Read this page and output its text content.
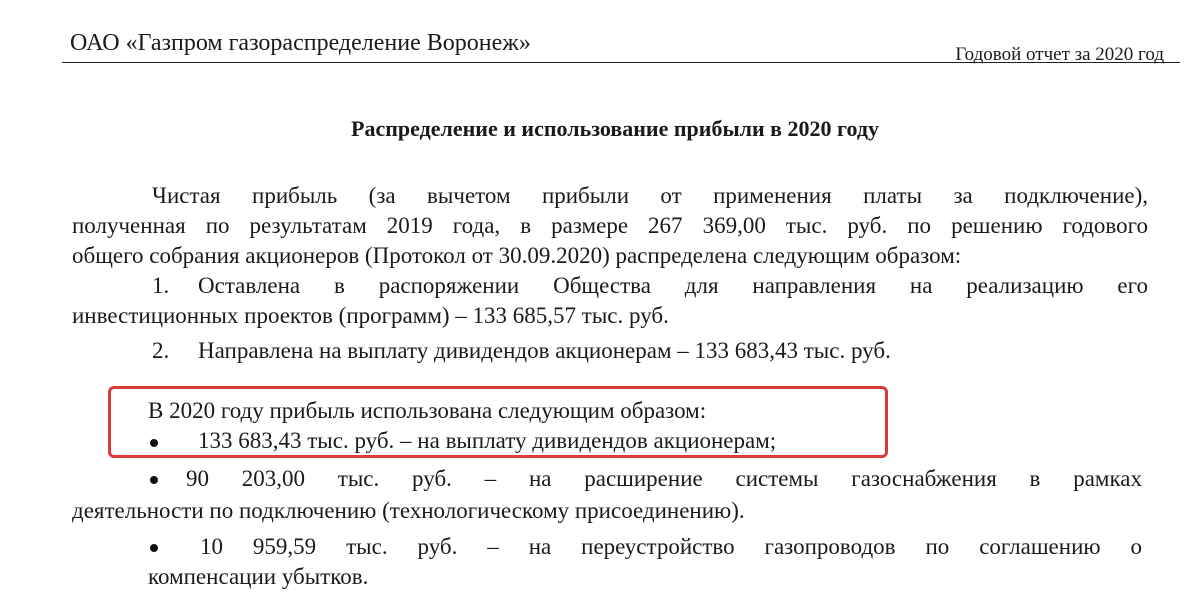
ОАО «Газпром газораспределение Воронеж»	Годовой отчет за 2020 год
Распределение и использование прибыли в 2020 году
Чистая прибыль (за вычетом прибыли от применения платы за подключение),
полученная по результатам 2019 года, в размере 267 369,00 тыс. руб. по решению годового
общего собрания акционеров (Протокол от 30.09.2020) распределена следующим образом:
1. Оставлена в распоряжении Общества для направления на реализацию его
инвестиционных проектов (программ) – 133 685,57 тыс. руб.
2. Направлена на выплату дивидендов акционерам – 133 683,43 тыс. руб.
В 2020 году прибыль использована следующим образом:
133 683,43 тыс. руб. – на выплату дивидендов акционерам;
90 203,00 тыс. руб. – на расширение системы газоснабжения в рамках
деятельности по подключению (технологическому присоединению).
10 959,59 тыс. руб. – на переустройство газопроводов по соглашению о
компенсации убытков.
